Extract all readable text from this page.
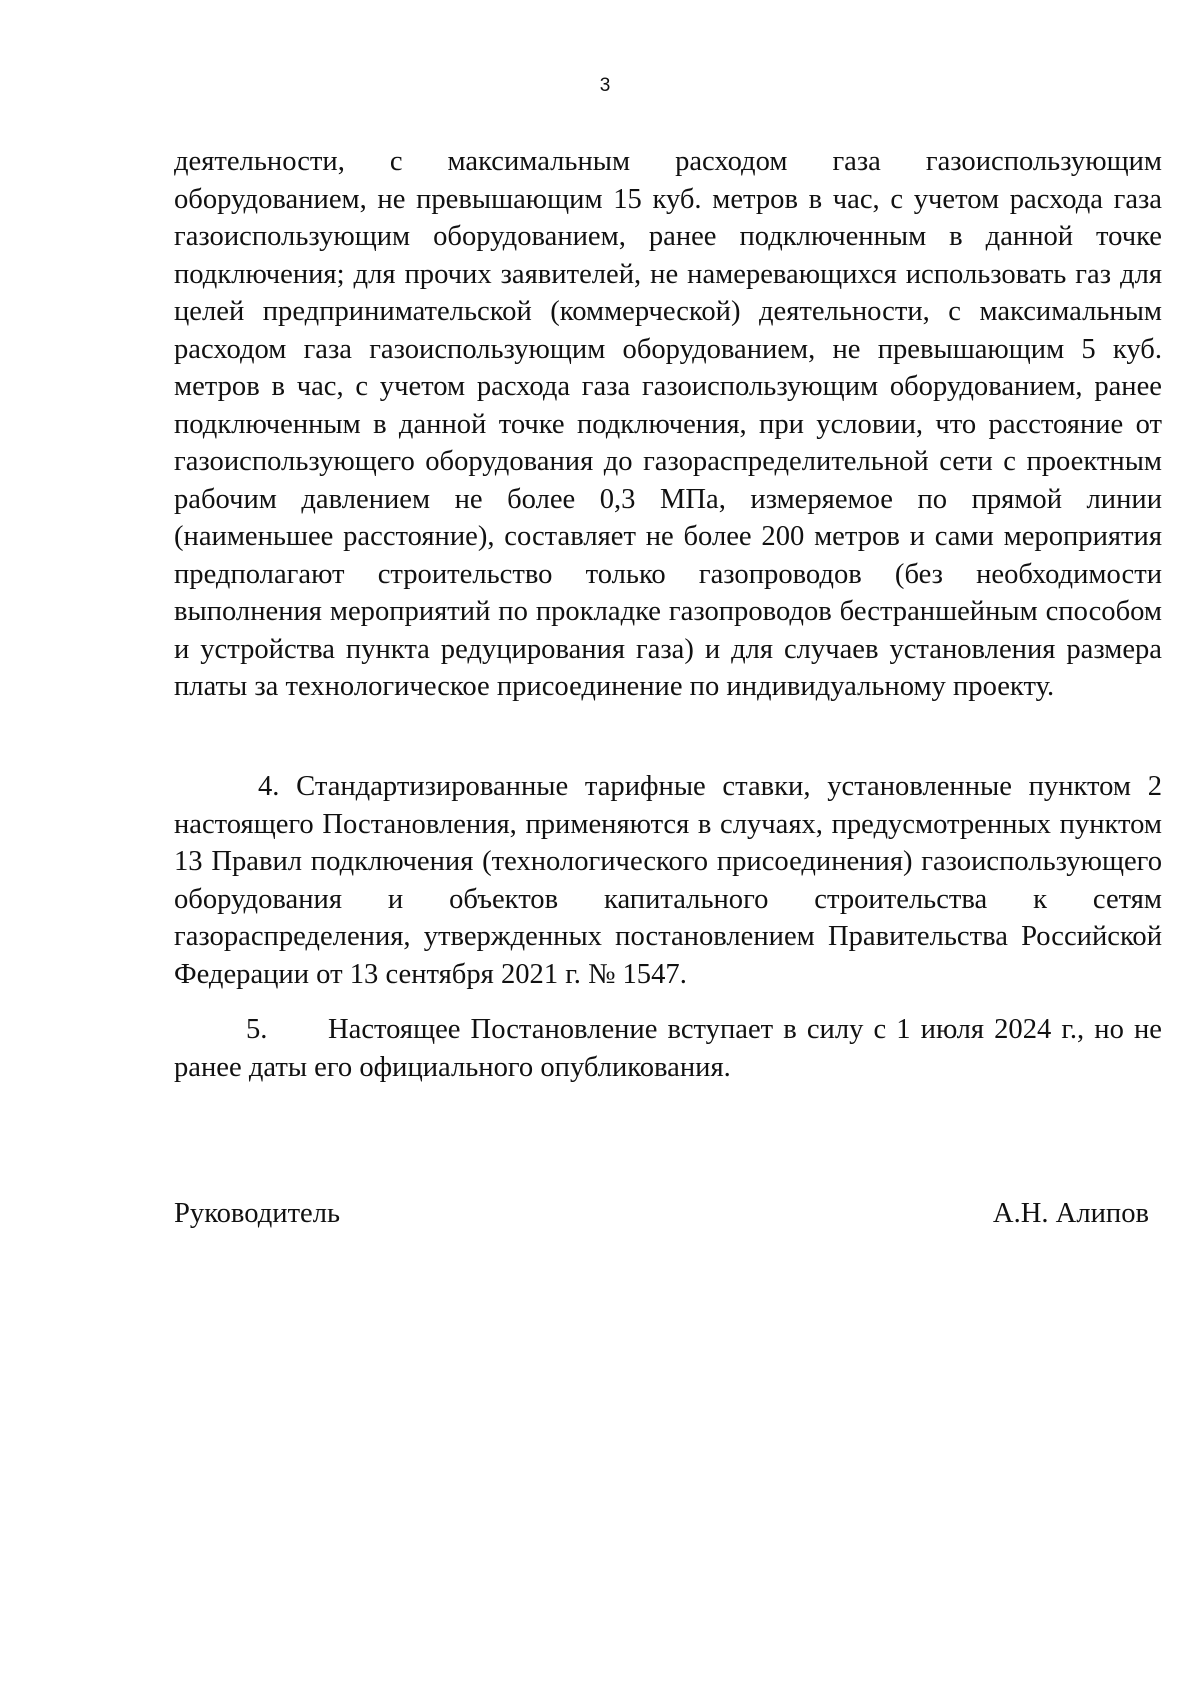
3

деятельности, с максимальным расходом газа газоиспользующим оборудованием, не превышающим 15 куб. метров в час, с учетом расхода газа газоиспользующим оборудованием, ранее подключенным в данной точке подключения; для прочих заявителей, не намеревающихся использовать газ для целей предпринимательской (коммерческой) деятельности, с максимальным расходом газа газоиспользующим оборудованием, не превышающим 5 куб. метров в час, с учетом расхода газа газоиспользующим оборудованием, ранее подключенным в данной точке подключения, при условии, что расстояние от газоиспользующего оборудования до газораспределительной сети с проектным рабочим давлением не более 0,3 МПа, измеряемое по прямой линии (наименьшее расстояние), составляет не более 200 метров и сами мероприятия предполагают строительство только газопроводов (без необходимости выполнения мероприятий по прокладке газопроводов бестраншейным способом и устройства пункта редуцирования газа) и для случаев установления размера платы за технологическое присоединение по индивидуальному проекту.

4. Стандартизированные тарифные ставки, установленные пунктом 2 настоящего Постановления, применяются в случаях, предусмотренных пунктом 13 Правил подключения (технологического присоединения) газоиспользующего оборудования и объектов капитального строительства к сетям газораспределения, утвержденных постановлением Правительства Российской Федерации от 13 сентября 2021 г. № 1547.

5.      Настоящее Постановление вступает в силу с 1 июля 2024 г., но не ранее даты его официального опубликования.

Руководитель	А.Н. Алипов
